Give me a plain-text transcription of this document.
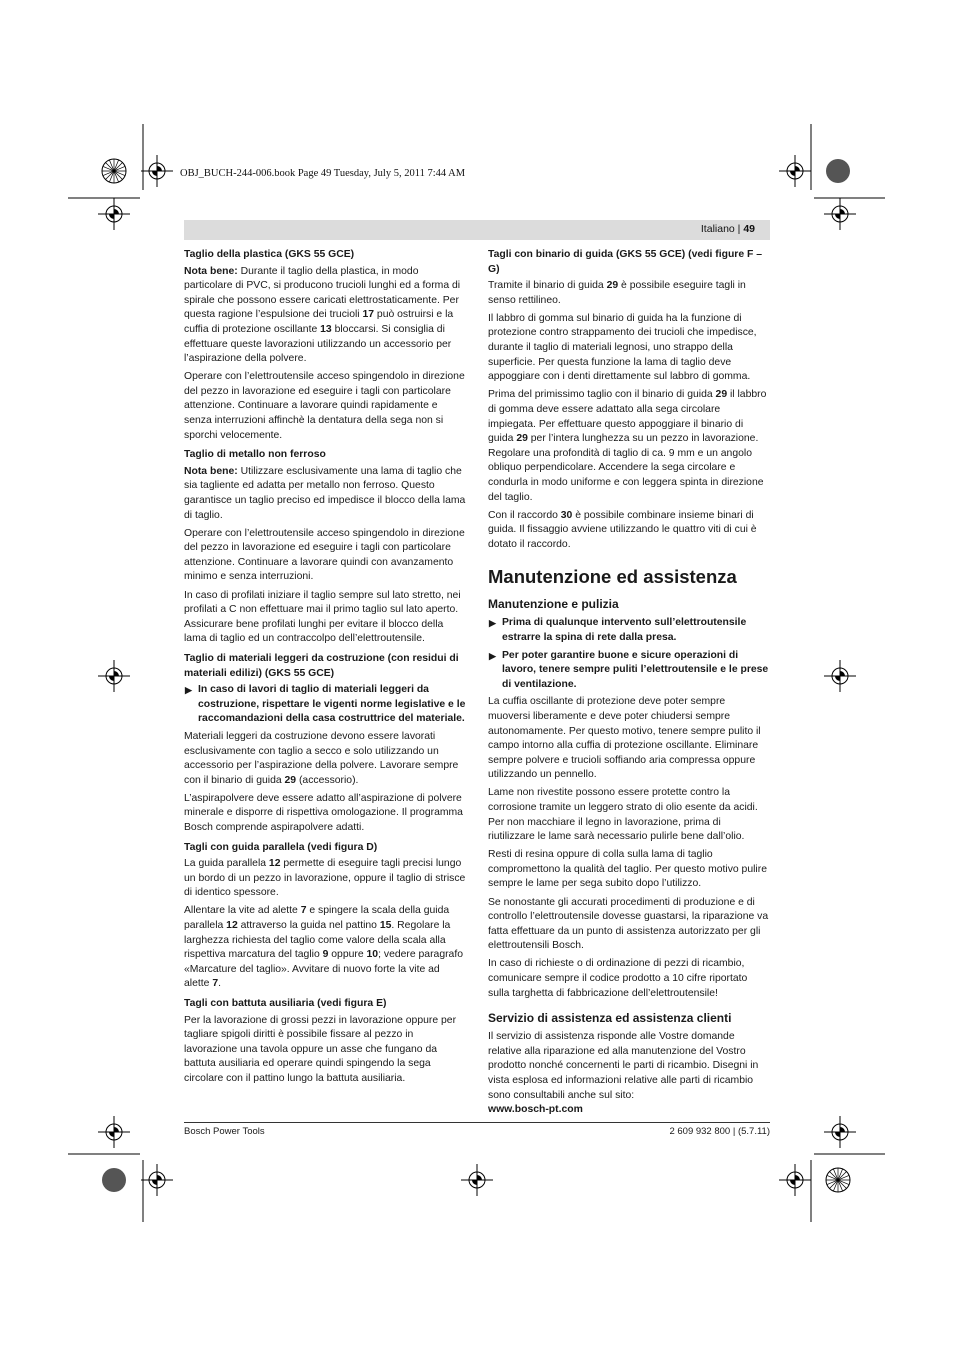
OBJ_BUCH-244-006.book Page 49 Tuesday, July 5, 2011 7:44 AM
Italiano | 49
Taglio della plastica (GKS 55 GCE)

Nota bene: Durante il taglio della plastica, in modo particolare di PVC, si producono trucioli lunghi ed a forma di spirale che possono essere caricati elettrostaticamente. Per questa ragione l’espulsione dei trucioli 17 può ostruirsi e la cuffia di protezione oscillante 13 bloccarsi. Si consiglia di effettuare queste lavorazioni utilizzando un accessorio per l’aspirazione della polvere.

Operare con l’elettroutensile acceso spingendolo in direzione del pezzo in lavorazione ed eseguire i tagli con particolare attenzione. Continuare a lavorare quindi rapidamente e senza interruzioni affinchè la dentatura della sega non si sporchi velocemente.

Taglio di metallo non ferroso

Nota bene: Utilizzare esclusivamente una lama di taglio che sia tagliente ed adatta per metallo non ferroso. Questo garantisce un taglio preciso ed impedisce il blocco della lama di taglio.

Operare con l’elettroutensile acceso spingendolo in direzione del pezzo in lavorazione ed eseguire i tagli con particolare attenzione. Continuare a lavorare quindi con avanzamento minimo e senza interruzioni.

In caso di profilati iniziare il taglio sempre sul lato stretto, nei profilati a C non effettuare mai il primo taglio sul lato aperto. Assicurare bene profilati lunghi per evitare il blocco della lama di taglio ed un contraccolpo dell’elettroutensile.

Taglio di materiali leggeri da costruzione (con residui di materiali edilizi) (GKS 55 GCE)
▶ In caso di lavori di taglio di materiali leggeri da costruzione, rispettare le vigenti norme legislative e le raccomandazioni della casa costruttrice del materiale.

Materiali leggeri da costruzione devono essere lavorati esclusivamente con taglio a secco e solo utilizzando un accessorio per l’aspirazione della polvere. Lavorare sempre con il binario di guida 29 (accessorio).

L’aspirapolvere deve essere adatto all’aspirazione di polvere minerale e disporre di rispettiva omologazione. Il programma Bosch comprende aspirapolvere adatti.

Tagli con guida parallela (vedi figura D)

La guida parallela 12 permette di eseguire tagli precisi lungo un bordo di un pezzo in lavorazione, oppure il taglio di strisce di identico spessore.

Allentare la vite ad alette 7 e spingere la scala della guida parallela 12 attraverso la guida nel pattino 15. Regolare la larghezza richiesta del taglio come valore della scala alla rispettiva marcatura del taglio 9 oppure 10; vedere paragrafo «Marcature del taglio». Avvitare di nuovo forte la vite ad alette 7.

Tagli con battuta ausiliaria (vedi figura E)

Per la lavorazione di grossi pezzi in lavorazione oppure per tagliare spigoli diritti è possibile fissare al pezzo in lavorazione una tavola oppure un asse che fungano da battuta ausiliaria ed operare quindi spingendo la sega circolare con il pattino lungo la battuta ausiliaria.

Tagli con binario di guida (GKS 55 GCE) (vedi figure F – G)

Tramite il binario di guida 29 è possibile eseguire tagli in senso rettilineo.

Il labbro di gomma sul binario di guida ha la funzione di protezione contro strappamento dei trucioli che impedisce, durante il taglio di materiali legnosi, uno strappo della superficie. Per questa funzione la lama di taglio deve appoggiare con i denti direttamente sul labbro di gomma.

Prima del primissimo taglio con il binario di guida 29 il labbro di gomma deve essere adattato alla sega circolare impiegata. Per effettuare questo appoggiare il binario di guida 29 per l’intera lunghezza su un pezzo in lavorazione. Regolare una profondità di taglio di ca. 9 mm e un angolo obliquo perpendicolare. Accendere la sega circolare e condurla in modo uniforme e con leggera spinta in direzione del taglio.

Con il raccordo 30 è possibile combinare insieme binari di guida. Il fissaggio avviene utilizzando le quattro viti di cui è dotato il raccordo.

Manutenzione ed assistenza
Manutenzione e pulizia
▶ Prima di qualunque intervento sull’elettroutensile estrarre la spina di rete dalla presa.
▶ Per poter garantire buone e sicure operazioni di lavoro, tenere sempre puliti l’elettroutensile e le prese di ventilazione.

La cuffia oscillante di protezione deve poter sempre muoversi liberamente e deve poter chiudersi sempre autonomamente. Per questo motivo, tenere sempre pulito il campo intorno alla cuffia di protezione oscillante. Eliminare sempre polvere e trucioli soffiando aria compressa oppure utilizzando un pennello.

Lame non rivestite possono essere protette contro la corrosione tramite un leggero strato di olio esente da acidi. Per non macchiare il legno in lavorazione, prima di riutilizzare le lame sarà necessario pulirle bene dall’olio.

Resti di resina oppure di colla sulla lama di taglio compromettono la qualità del taglio. Per questo motivo pulire sempre le lame per sega subito dopo l’utilizzo.

Se nonostante gli accurati procedimenti di produzione e di controllo l’elettroutensile dovesse guastarsi, la riparazione va fatta effettuare da un punto di assistenza autorizzato per gli elettroutensili Bosch.

In caso di richieste o di ordinazione di pezzi di ricambio, comunicare sempre il codice prodotto a 10 cifre riportato sulla targhetta di fabbricazione dell’elettroutensile!

Servizio di assistenza ed assistenza clienti

Il servizio di assistenza risponde alle Vostre domande relative alla riparazione ed alla manutenzione del Vostro prodotto nonché concernenti le parti di ricambio. Disegni in vista esplosa ed informazioni relative alle parti di ricambio sono consultabili anche sul sito:

www.bosch-pt.com

Bosch Power Tools	2 609 932 800 | (5.7.11)
